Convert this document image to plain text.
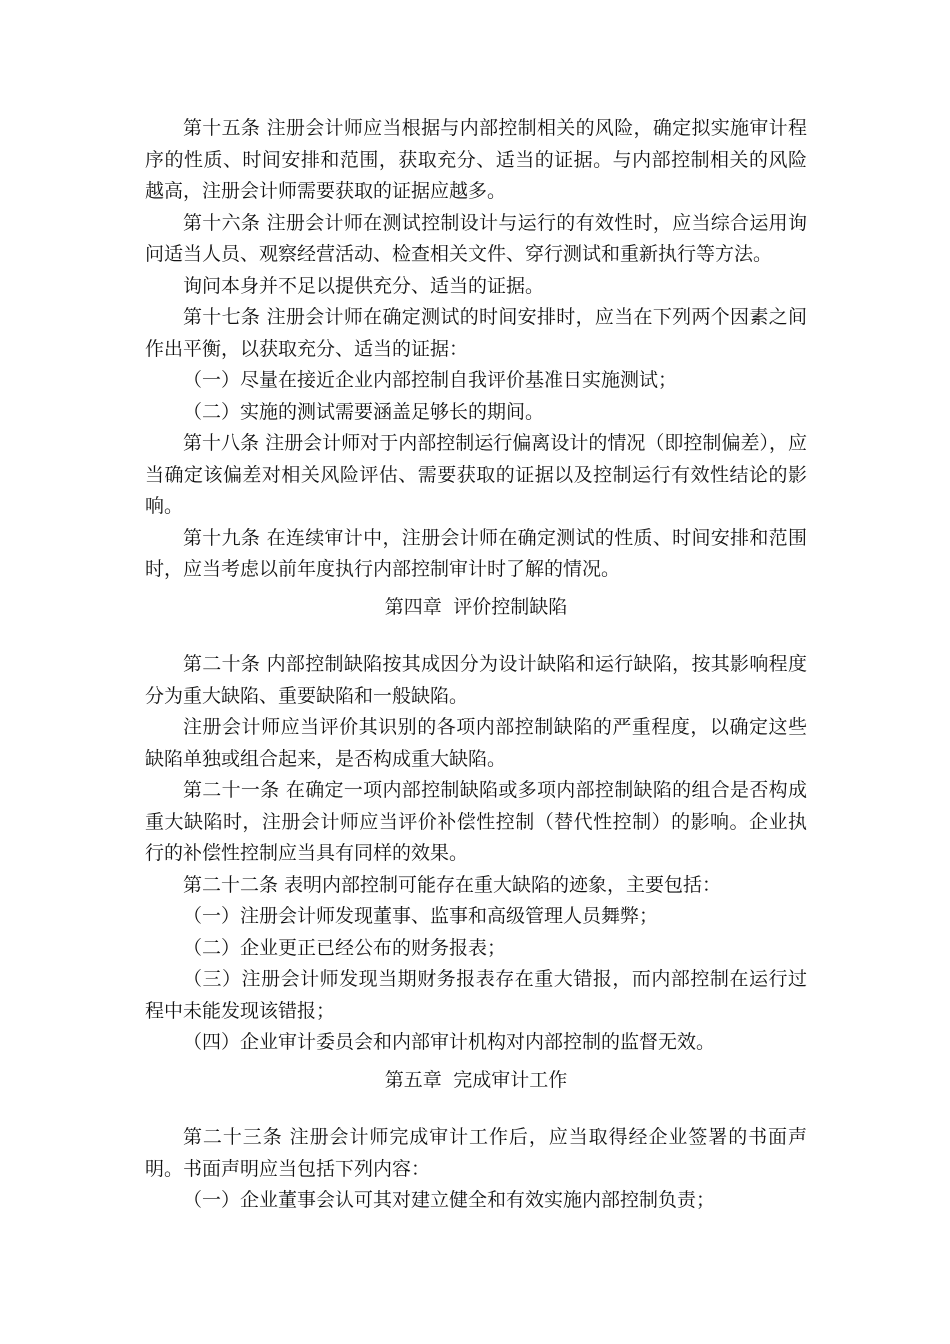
第十五条 注册会计师应当根据与内部控制相关的风险，确定拟实施审计程序的性质、时间安排和范围，获取充分、适当的证据。与内部控制相关的风险越高，注册会计师需要获取的证据应越多。

第十六条 注册会计师在测试控制设计与运行的有效性时，应当综合运用询问适当人员、观察经营活动、检查相关文件、穿行测试和重新执行等方法。

询问本身并不足以提供充分、适当的证据。

第十七条 注册会计师在确定测试的时间安排时，应当在下列两个因素之间作出平衡，以获取充分、适当的证据：

（一）尽量在接近企业内部控制自我评价基准日实施测试；

（二）实施的测试需要涵盖足够长的期间。

第十八条 注册会计师对于内部控制运行偏离设计的情况（即控制偏差），应当确定该偏差对相关风险评估、需要获取的证据以及控制运行有效性结论的影响。

第十九条 在连续审计中，注册会计师在确定测试的性质、时间安排和范围时，应当考虑以前年度执行内部控制审计时了解的情况。

第四章 评价控制缺陷

第二十条 内部控制缺陷按其成因分为设计缺陷和运行缺陷，按其影响程度分为重大缺陷、重要缺陷和一般缺陷。

注册会计师应当评价其识别的各项内部控制缺陷的严重程度，以确定这些缺陷单独或组合起来，是否构成重大缺陷。

第二十一条 在确定一项内部控制缺陷或多项内部控制缺陷的组合是否构成重大缺陷时，注册会计师应当评价补偿性控制（替代性控制）的影响。企业执行的补偿性控制应当具有同样的效果。

第二十二条 表明内部控制可能存在重大缺陷的迹象，主要包括：

（一）注册会计师发现董事、监事和高级管理人员舞弊；

（二）企业更正已经公布的财务报表；

（三）注册会计师发现当期财务报表存在重大错报，而内部控制在运行过程中未能发现该错报；

（四）企业审计委员会和内部审计机构对内部控制的监督无效。

第五章 完成审计工作

第二十三条 注册会计师完成审计工作后，应当取得经企业签署的书面声明。书面声明应当包括下列内容：

（一）企业董事会认可其对建立健全和有效实施内部控制负责；
